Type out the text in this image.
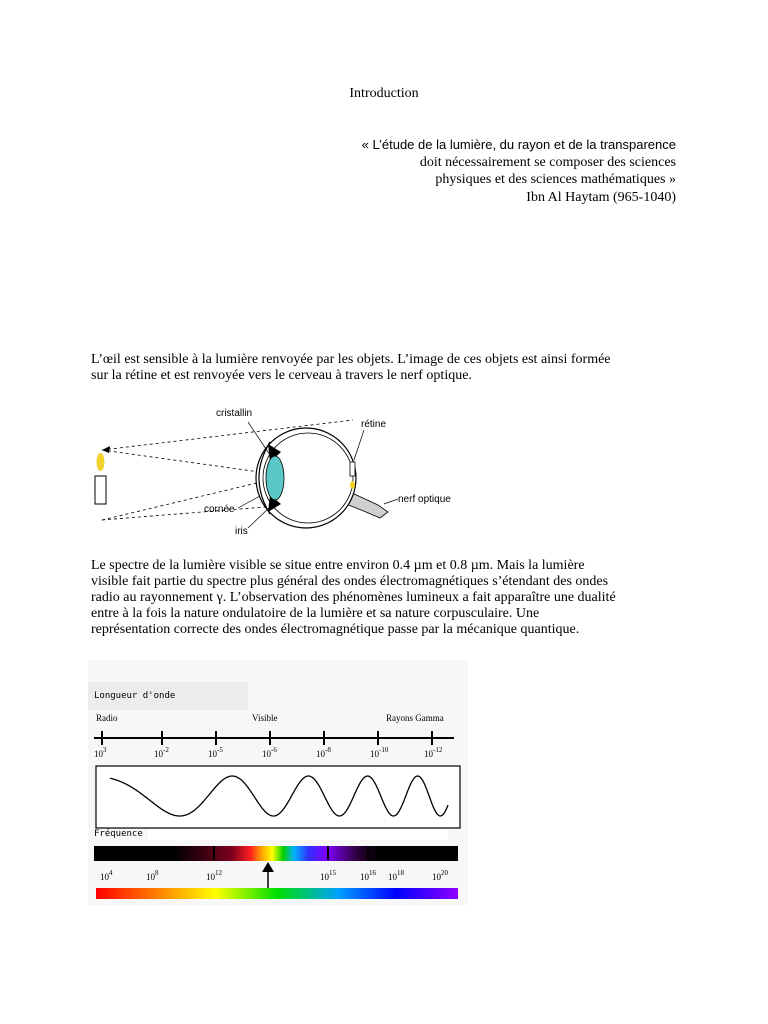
Introduction
« L’étude de la lumière, du rayon et de la transparence
doit nécessairement se composer des sciences
physiques et des sciences mathématiques »
Ibn Al Haytam (965-1040)
L’œil est sensible à la lumière renvoyée par les objets. L’image de ces objets est ainsi formée
sur la rétine et est renvoyée vers le cerveau à travers le nerf optique.
cristallin
rétine
cornée
iris
nerf optique
Le spectre de la lumière visible se situe entre environ 0.4 µm et 0.8 µm. Mais la lumière
visible fait partie du spectre plus général des ondes électromagnétiques s’étendant des ondes
radio au rayonnement γ. L’observation des phénomènes lumineux a fait apparaître une dualité
entre à la fois la nature ondulatoire de la lumière et sa nature corpusculaire. Une
représentation correcte des ondes électromagnétique passe par la mécanique quantique.
Longueur d'onde
Radio	Visible	Rayons Gamma
$10^3$	$10^{-2}$	$10^{-5}$	$10^{-6}$	$10^{-8}$	$10^{-10}$	$10^{-12}$
Fréquence
$10^4$	$10^8$	$10^{12}$	$10^{15}$	$10^{16}$ $10^{18}$	$10^{20}$
